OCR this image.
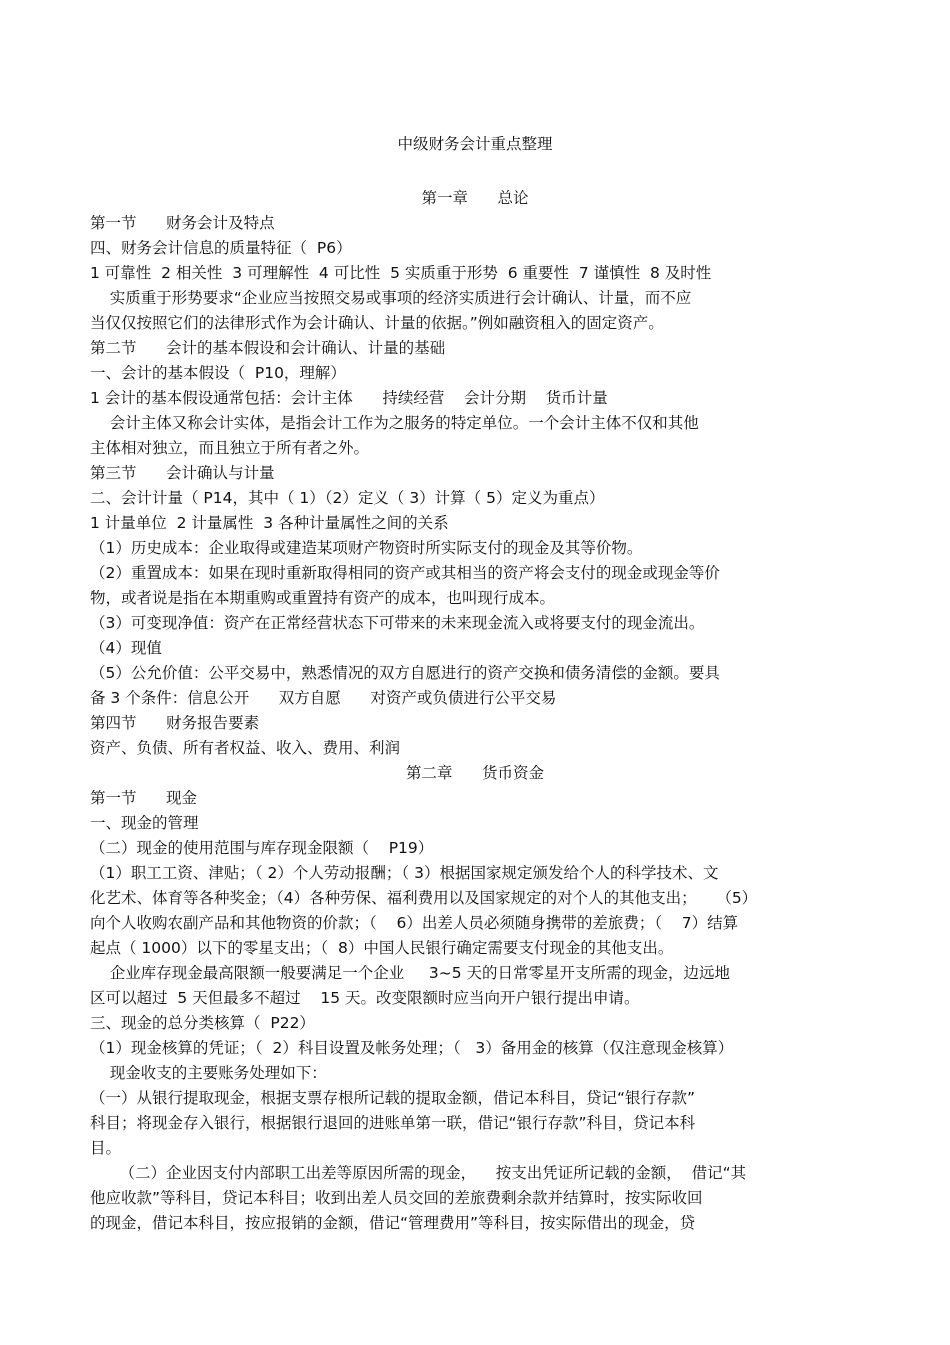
中级财务会计重点整理
第一章      总论
第一节      财务会计及特点
四、财务会计信息的质量特征（  P6）
1 可靠性  2 相关性  3 可理解性  4 可比性  5 实质重于形势  6 重要性  7 谨慎性  8 及时性
实质重于形势要求“企业应当按照交易或事项的经济实质进行会计确认、计量，而不应
当仅仅按照它们的法律形式作为会计确认、计量的依据。”例如融资租入的固定资产。
第二节      会计的基本假设和会计确认、计量的基础
一、会计的基本假设（  P10，理解）
1 会计的基本假设通常包括：会计主体      持续经营    会计分期    货币计量
会计主体又称会计实体，是指会计工作为之服务的特定单位。一个会计主体不仅和其他
主体相对独立，而且独立于所有者之外。
第三节      会计确认与计量
二、会计计量（ P14，其中（ 1）（2）定义（ 3）计算（ 5）定义为重点）
1 计量单位  2 计量属性  3 各种计量属性之间的关系
（1）历史成本：企业取得或建造某项财产物资时所实际支付的现金及其等价物。
（2）重置成本：如果在现时重新取得相同的资产或其相当的资产将会支付的现金或现金等价
物，或者说是指在本期重购或重置持有资产的成本，也叫现行成本。
（3）可变现净值：资产在正常经营状态下可带来的未来现金流入或将要支付的现金流出。
（4）现值
（5）公允价值：公平交易中，熟悉情况的双方自愿进行的资产交换和债务清偿的金额。要具
备 3 个条件：信息公开      双方自愿      对资产或负债进行公平交易
第四节      财务报告要素
资产、负债、所有者权益、收入、费用、利润
第二章      货币资金
第一节      现金
一、现金的管理
（二）现金的使用范围与库存现金限额（    P19）
（1）职工工资、津贴；（ 2）个人劳动报酬；（ 3）根据国家规定颁发给个人的科学技术、文
化艺术、体育等各种奖金；（4）各种劳保、福利费用以及国家规定的对个人的其他支出；    （5）
向个人收购农副产品和其他物资的价款；（    6）出差人员必须随身携带的差旅费；（    7）结算
起点（ 1000）以下的零星支出；（  8）中国人民银行确定需要支付现金的其他支出。
企业库存现金最高限额一般要满足一个企业     3~5 天的日常零星开支所需的现金，边远地
区可以超过  5 天但最多不超过    15 天。改变限额时应当向开户银行提出申请。
三、现金的总分类核算（  P22）
（1）现金核算的凭证；（  2）科目设置及帐务处理；（   3）备用金的核算（仅注意现金核算）
现金收支的主要账务处理如下：
（一）从银行提取现金，根据支票存根所记载的提取金额，借记本科目，贷记“银行存款”
科目；将现金存入银行，根据银行退回的进账单第一联，借记“银行存款”科目，贷记本科
目。
（二）企业因支付内部职工出差等原因所需的现金，    按支出凭证所记载的金额，  借记“其
他应收款”等科目，贷记本科目；收到出差人员交回的差旅费剩余款并结算时，按实际收回
的现金，借记本科目，按应报销的金额，借记“管理费用”等科目，按实际借出的现金，贷
